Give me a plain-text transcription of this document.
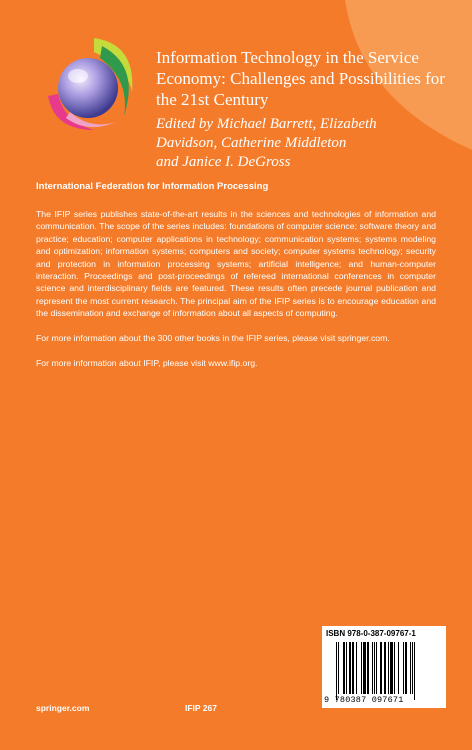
Information Technology in the Service Economy: Challenges and Possibilities for the 21st Century
Edited by Michael Barrett, Elizabeth
Davidson, Catherine Middleton
and Janice I. DeGross
International Federation for Information Processing

The IFIP series publishes state-of-the-art results in the sciences and technologies of information and communication. The scope of the series includes: foundations of computer science; software theory and practice; education; computer applications in technology; communication systems; systems modeling and optimization; information systems; computers and society; computer systems technology; security and protection in information processing systems; artificial intelligence; and human-computer interaction. Proceedings and post-proceedings of refereed international conferences in computer science and interdisciplinary fields are featured. These results often precede journal publication and represent the most current research. The principal aim of the IFIP series is to encourage education and the dissemination and exchange of information about all aspects of computing.

For more information about the 300 other books in the IFIP series, please visit springer.com.

For more information about IFIP, please visit www.ifip.org.

ISBN 978-0-387-09767-1
9 780387 097671
springer.com	IFIP 267
